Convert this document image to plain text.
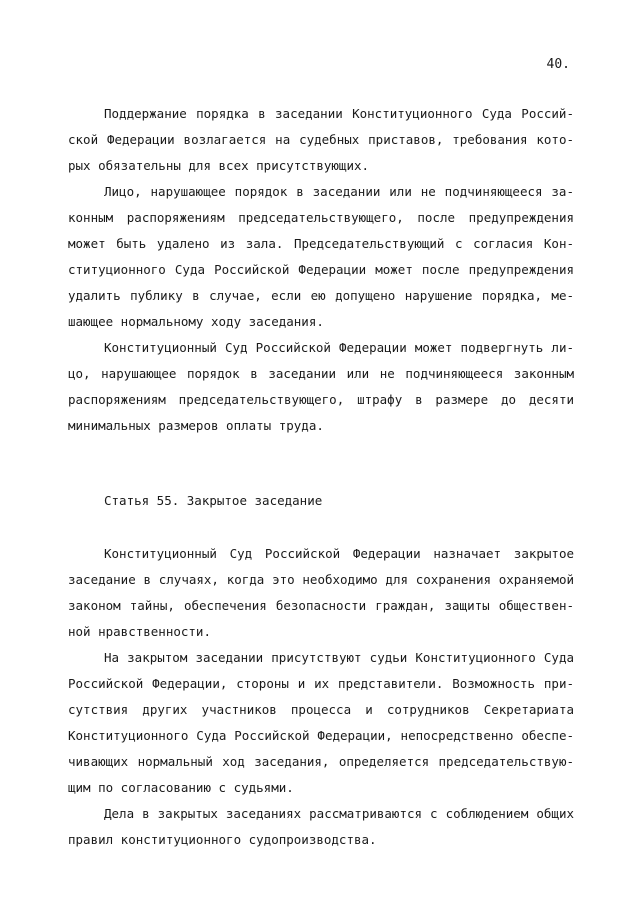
40.
Поддержание порядка в заседании Конституционного Суда Россий-
ской Федерации возлагается на судебных приставов, требования кото-
рых обязательны для всех присутствующих.
Лицо, нарушающее порядок в заседании или не подчиняющееся за-
конным распоряжениям председательствующего, после предупреждения
может быть удалено из зала. Председательствующий с согласия Кон-
ституционного Суда Российской Федерации может после предупреждения
удалить публику в случае, если ею допущено нарушение порядка, ме-
шающее нормальному ходу заседания.
Конституционный Суд Российской Федерации может подвергнуть ли-
цо, нарушающее порядок в заседании или не подчиняющееся законным
распоряжениям председательствующего, штрафу в размере до десяти
минимальных размеров оплаты труда.
Статья 55. Закрытое заседание
Конституционный Суд Российской Федерации назначает закрытое
заседание в случаях, когда это необходимо для сохранения охраняемой
законом тайны, обеспечения безопасности граждан, защиты обществен-
ной нравственности.
На закрытом заседании присутствуют судьи Конституционного Суда
Российской Федерации, стороны и их представители. Возможность при-
сутствия других участников процесса и сотрудников Секретариата
Конституционного Суда Российской Федерации, непосредственно обеспе-
чивающих нормальный ход заседания, определяется председательствую-
щим по согласованию с судьями.
Дела в закрытых заседаниях рассматриваются с соблюдением общих
правил конституционного судопроизводства.
